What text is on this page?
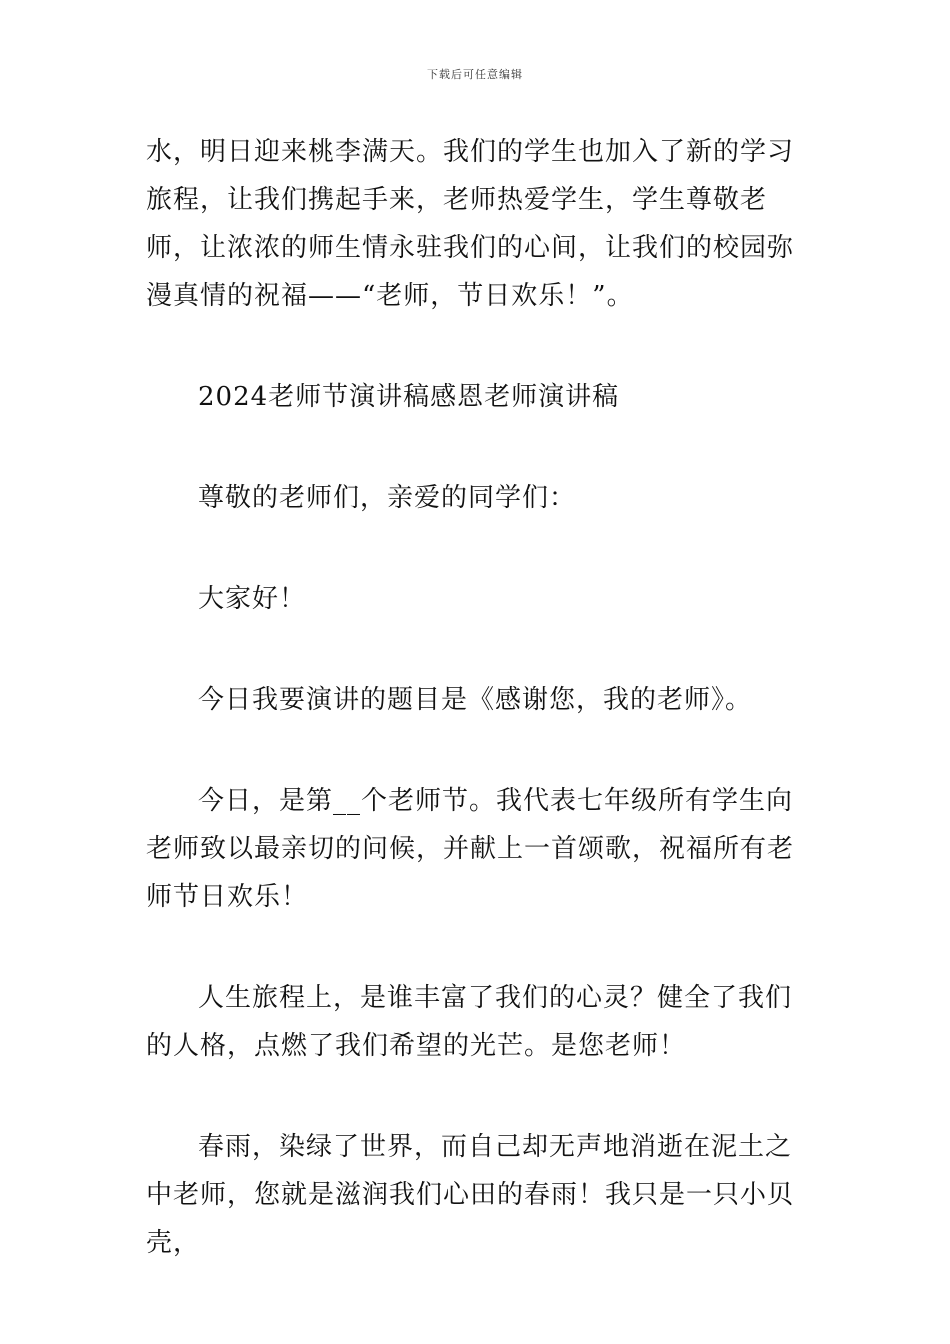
下载后可任意编辑

水，明日迎来桃李满天。我们的学生也加入了新的学习旅程，让我们携起手来，老师热爱学生，学生尊敬老师，让浓浓的师生情永驻我们的心间，让我们的校园弥漫真情的祝福——“老师，节日欢乐！”。

2024老师节演讲稿感恩老师演讲稿

尊敬的老师们，亲爱的同学们：

大家好！

今日我要演讲的题目是《感谢您，我的老师》。

今日，是第__个老师节。我代表七年级所有学生向老师致以最亲切的问候，并献上一首颂歌，祝福所有老师节日欢乐！

人生旅程上，是谁丰富了我们的心灵？健全了我们的人格，点燃了我们希望的光芒。是您老师！

春雨，染绿了世界，而自己却无声地消逝在泥土之中老师，您就是滋润我们心田的春雨！我只是一只小贝壳，
